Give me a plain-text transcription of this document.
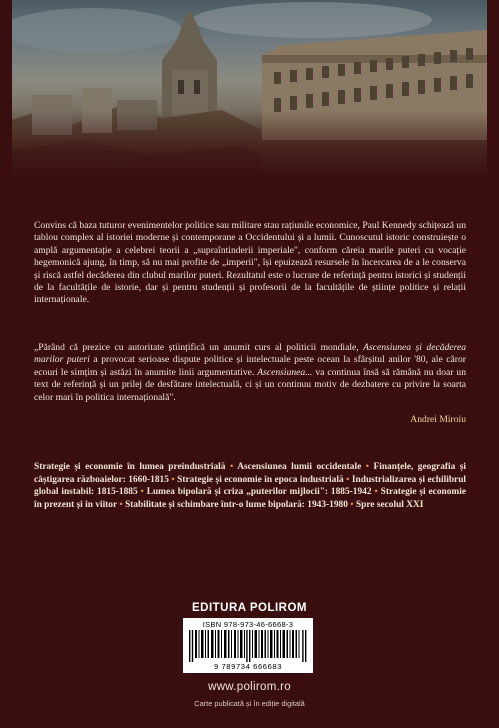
Convins că baza tuturor evenimentelor politice sau militare stau rațiunile economice, Paul Kennedy schițează un tablou complex al istoriei moderne și contemporane a Occidentului și a lumii. Cunoscutul istoric construiește o amplă argumentație a celebrei teorii a „supraîntinderii imperiale", conform căreia marile puteri cu vocație hegemonică ajung, în timp, să nu mai profite de „imperii", își epuizează resursele în încercarea de a le conserva și riscă astfel decăderea din clubul marilor puteri. Rezultatul este o lucrare de referință pentru istorici și studenții de la facultățile de istorie, dar și pentru studenții și profesorii de la facultățile de științe politice și relații internaționale.

„Părând că prezice cu autoritate științifică un anumit curs al politicii mondiale, Ascensiunea și decăderea marilor puteri a provocat serioase dispute politice și intelectuale peste ocean la sfârșitul anilor '80, ale căror ecouri le simțim și astăzi în anumite linii argumentative. Ascensiunea... va continua însă să rămână nu doar un text de referință și un prilej de desfătare intelectuală, ci și un continuu motiv de dezbatere cu privire la soarta celor mari în politica internațională".

Andrei Miroiu

Strategie și economie în lumea preindustrială • Ascensiunea lumii occidentale • Finanțele, geografia și câștigarea războaielor: 1660-1815 • Strategie și economie în epoca industrială • Industrializarea și echilibrul global instabil: 1815-1885 • Lumea bipolară și criza „puterilor mijlocii": 1885-1942 • Strategie și economie în prezent și în viitor • Stabilitate și schimbare într-o lume bipolară: 1943-1980 • Spre secolul XXI

EDITURA POLIROM
ISBN 978-973-46-6668-3
9 789734 666683
www.polirom.ro
Carte publicată și în ediție digitală
